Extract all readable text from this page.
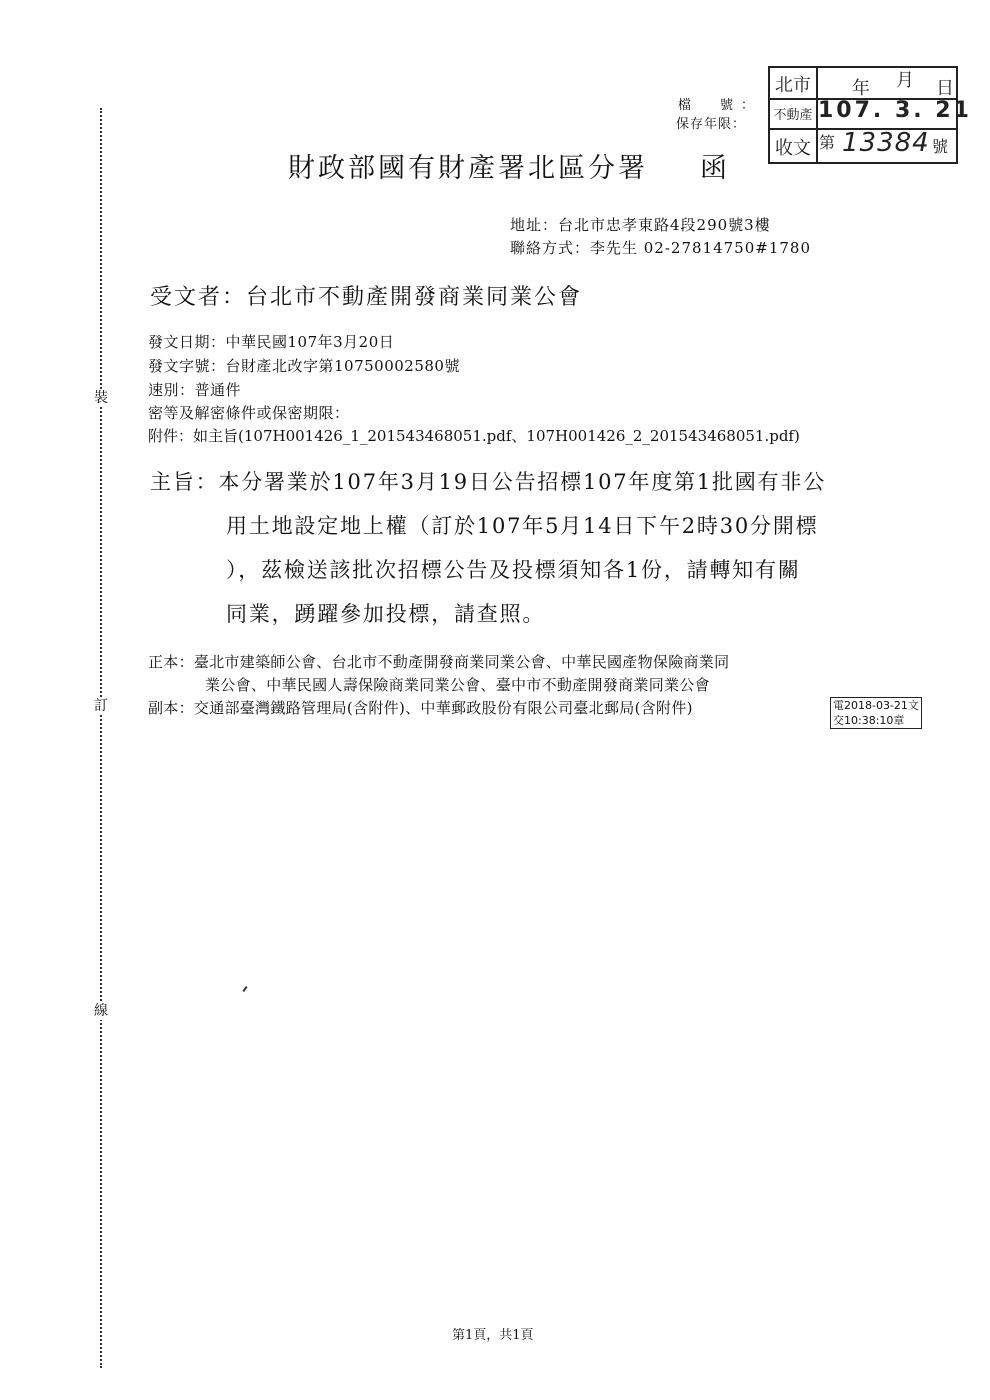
裝
訂
線
檔　號：
保存年限：
北市
不動產
收文
年 月 日
107. 3. 21
第 13384 號
財政部國有財產署北區分署 函
地址：台北市忠孝東路4段290號3樓
聯絡方式：李先生 02-27814750#1780
受文者：台北市不動產開發商業同業公會
發文日期：中華民國107年3月20日
發文字號：台財產北改字第10750002580號
速別：普通件
密等及解密條件或保密期限：
附件：如主旨(107H001426_1_201543468051.pdf、107H001426_2_201543468051.pdf)
主旨：本分署業於107年3月19日公告招標107年度第1批國有非公
用土地設定地上權（訂於107年5月14日下午2時30分開標
），茲檢送該批次招標公告及投標須知各1份，請轉知有關
同業，踴躍參加投標，請查照。
正本：臺北市建築師公會、台北市不動產開發商業同業公會、中華民國產物保險商業同
業公會、中華民國人壽保險商業同業公會、臺中市不動產開發商業同業公會
副本：交通部臺灣鐵路管理局(含附件)、中華郵政股份有限公司臺北郵局(含附件)	電2018-03-21文
交10:38:10章
第1頁，共1頁
